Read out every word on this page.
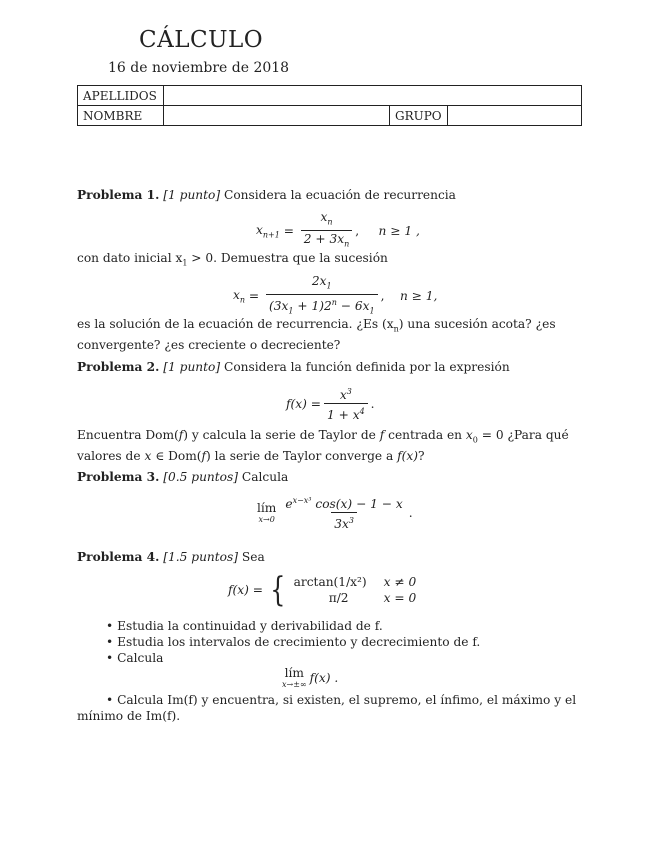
CÁLCULO
16 de noviembre de 2018
APELLIDOS			
NOMBRE		GRUPO	
Problema 1. [1 punto] Considera la ecuación de recurrencia
$x_{n+1} = \frac{x_n}{2 + 3x_n}$ , n ≥ 1 ,
con dato inicial $x_1 > 0$. Demuestra que la sucesión
$x_n = \frac{2x_1}{(3x_1 + 1)2^n - 6x_1}$ , n ≥ 1,
es la solución de la ecuación de recurrencia. ¿Es $(x_n)$ una sucesión acota? ¿es convergente? ¿es creciente o decreciente?
Problema 2. [1 punto] Considera la función definida por la expresión
$f(x) = \frac{x^3}{1 + x^4}$ .
Encuentra Dom(f) y calcula la serie de Taylor de f centrada en $x_0 = 0$ ¿Para qué valores de x ∈ Dom(f) la serie de Taylor converge a f(x)?
Problema 3. [0.5 puntos] Calcula
lím
$x\to 0 \frac{e^{x-x^3} \cos(x) - 1 - x}{3x^3}$ .
Problema 4. [1.5 puntos] Sea
f(x) = { arctan(1/x²)	x ≠ 0
π/2	x = 0
• Estudia la continuidad y derivabilidad de f.
• Estudia los intervalos de crecimiento y decrecimiento de f.
• Calcula
lím
x→±∞ f(x) .
• Calcula Im(f) y encuentra, si existen, el supremo, el ínfimo, el máximo y el mínimo de Im(f).
